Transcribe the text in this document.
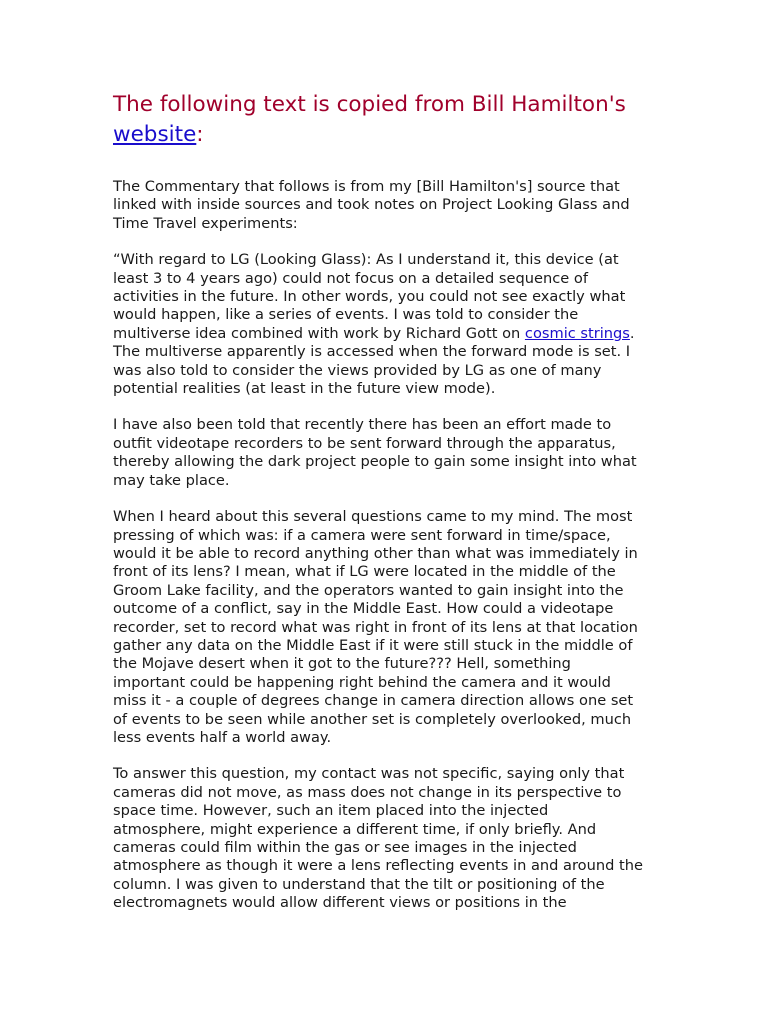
The following text is copied from Bill Hamilton's website:

The Commentary that follows is from my [Bill Hamilton's] source that linked with inside sources and took notes on Project Looking Glass and Time Travel experiments:

“With regard to LG (Looking Glass): As I understand it, this device (at least 3 to 4 years ago) could not focus on a detailed sequence of activities in the future. In other words, you could not see exactly what would happen, like a series of events. I was told to consider the multiverse idea combined with work by Richard Gott on cosmic strings. The multiverse apparently is accessed when the forward mode is set. I was also told to consider the views provided by LG as one of many potential realities (at least in the future view mode).

I have also been told that recently there has been an effort made to outfit videotape recorders to be sent forward through the apparatus, thereby allowing the dark project people to gain some insight into what may take place.

When I heard about this several questions came to my mind. The most pressing of which was: if a camera were sent forward in time/space, would it be able to record anything other than what was immediately in front of its lens? I mean, what if LG were located in the middle of the Groom Lake facility, and the operators wanted to gain insight into the outcome of a conflict, say in the Middle East. How could a videotape recorder, set to record what was right in front of its lens at that location gather any data on the Middle East if it were still stuck in the middle of the Mojave desert when it got to the future??? Hell, something important could be happening right behind the camera and it would miss it - a couple of degrees change in camera direction allows one set of events to be seen while another set is completely overlooked, much less events half a world away.

To answer this question, my contact was not specific, saying only that cameras did not move, as mass does not change in its perspective to space time. However, such an item placed into the injected atmosphere, might experience a different time, if only briefly. And cameras could film within the gas or see images in the injected atmosphere as though it were a lens reflecting events in and around the column. I was given to understand that the tilt or positioning of the electromagnets would allow different views or positions in the
